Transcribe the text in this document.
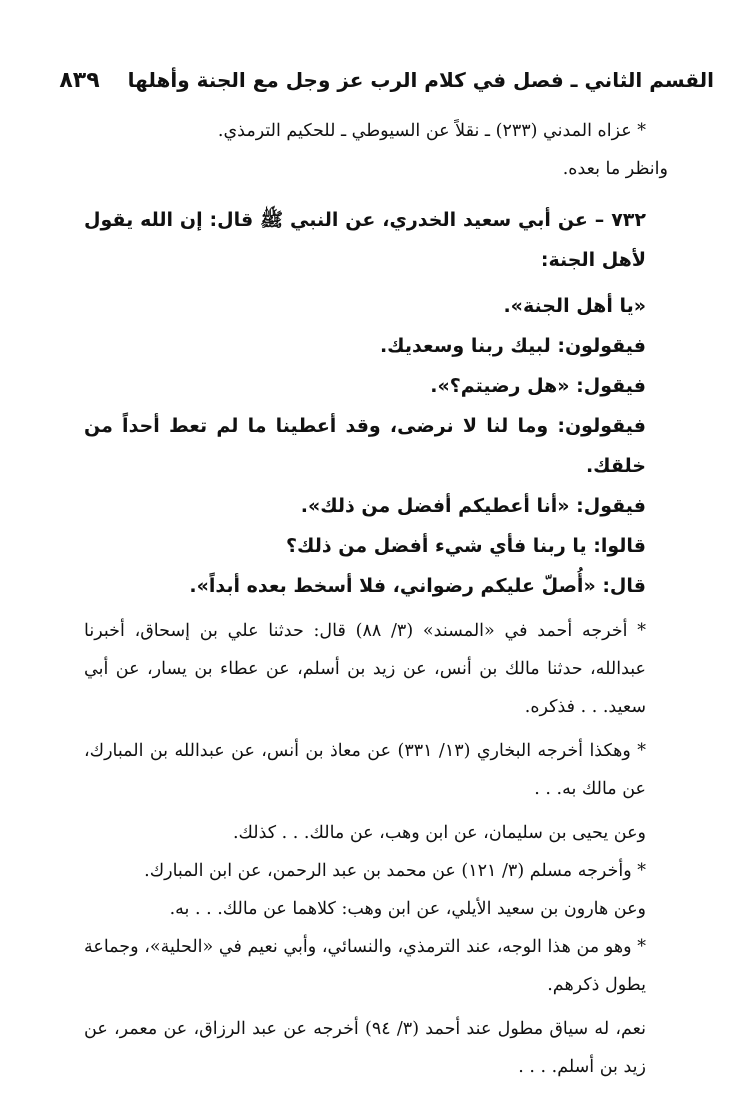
القسم الثاني ـ فصل في كلام الرب عز وجل مع الجنة وأهلها
٨٣٩

* عزاه المدني (٢٣٣) ـ نقلاً عن السيوطي ـ للحكيم الترمذي.

وانظر ما بعده.

٧٣٢ – عن أبي سعيد الخدري، عن النبي ﷺ قال: إن الله يقول لأهل الجنة:

«يا أهل الجنة».

فيقولون: لبيك ربنا وسعديك.

فيقول: «هل رضيتم؟».

فيقولون: وما لنا لا نرضى، وقد أعطينا ما لم تعط أحداً من خلقك.

فيقول: «أنا أعطيكم أفضل من ذلك».

قالوا: يا ربنا فأي شيء أفضل من ذلك؟

قال: «أُصلّ عليكم رضواني، فلا أسخط بعده أبداً».

* أخرجه أحمد في «المسند» (٣/ ٨٨) قال: حدثنا علي بن إسحاق، أخبرنا عبدالله، حدثنا مالك بن أنس، عن زيد بن أسلم، عن عطاء بن يسار، عن أبي سعيد. . . فذكره.

* وهكذا أخرجه البخاري (١٣/ ٣٣١) عن معاذ بن أنس، عن عبدالله بن المبارك، عن مالك به. . .

وعن يحيى بن سليمان، عن ابن وهب، عن مالك. . . كذلك.

* وأخرجه مسلم (٣/ ١٢١) عن محمد بن عبد الرحمن، عن ابن المبارك.

وعن هارون بن سعيد الأيلي، عن ابن وهب: كلاهما عن مالك. . . به.

* وهو من هذا الوجه، عند الترمذي، والنسائي، وأبي نعيم في «الحلية»، وجماعة يطول ذكرهم.

نعم، له سياق مطول عند أحمد (٣/ ٩٤) أخرجه عن عبد الرزاق، عن معمر، عن زيد بن أسلم. . . .
